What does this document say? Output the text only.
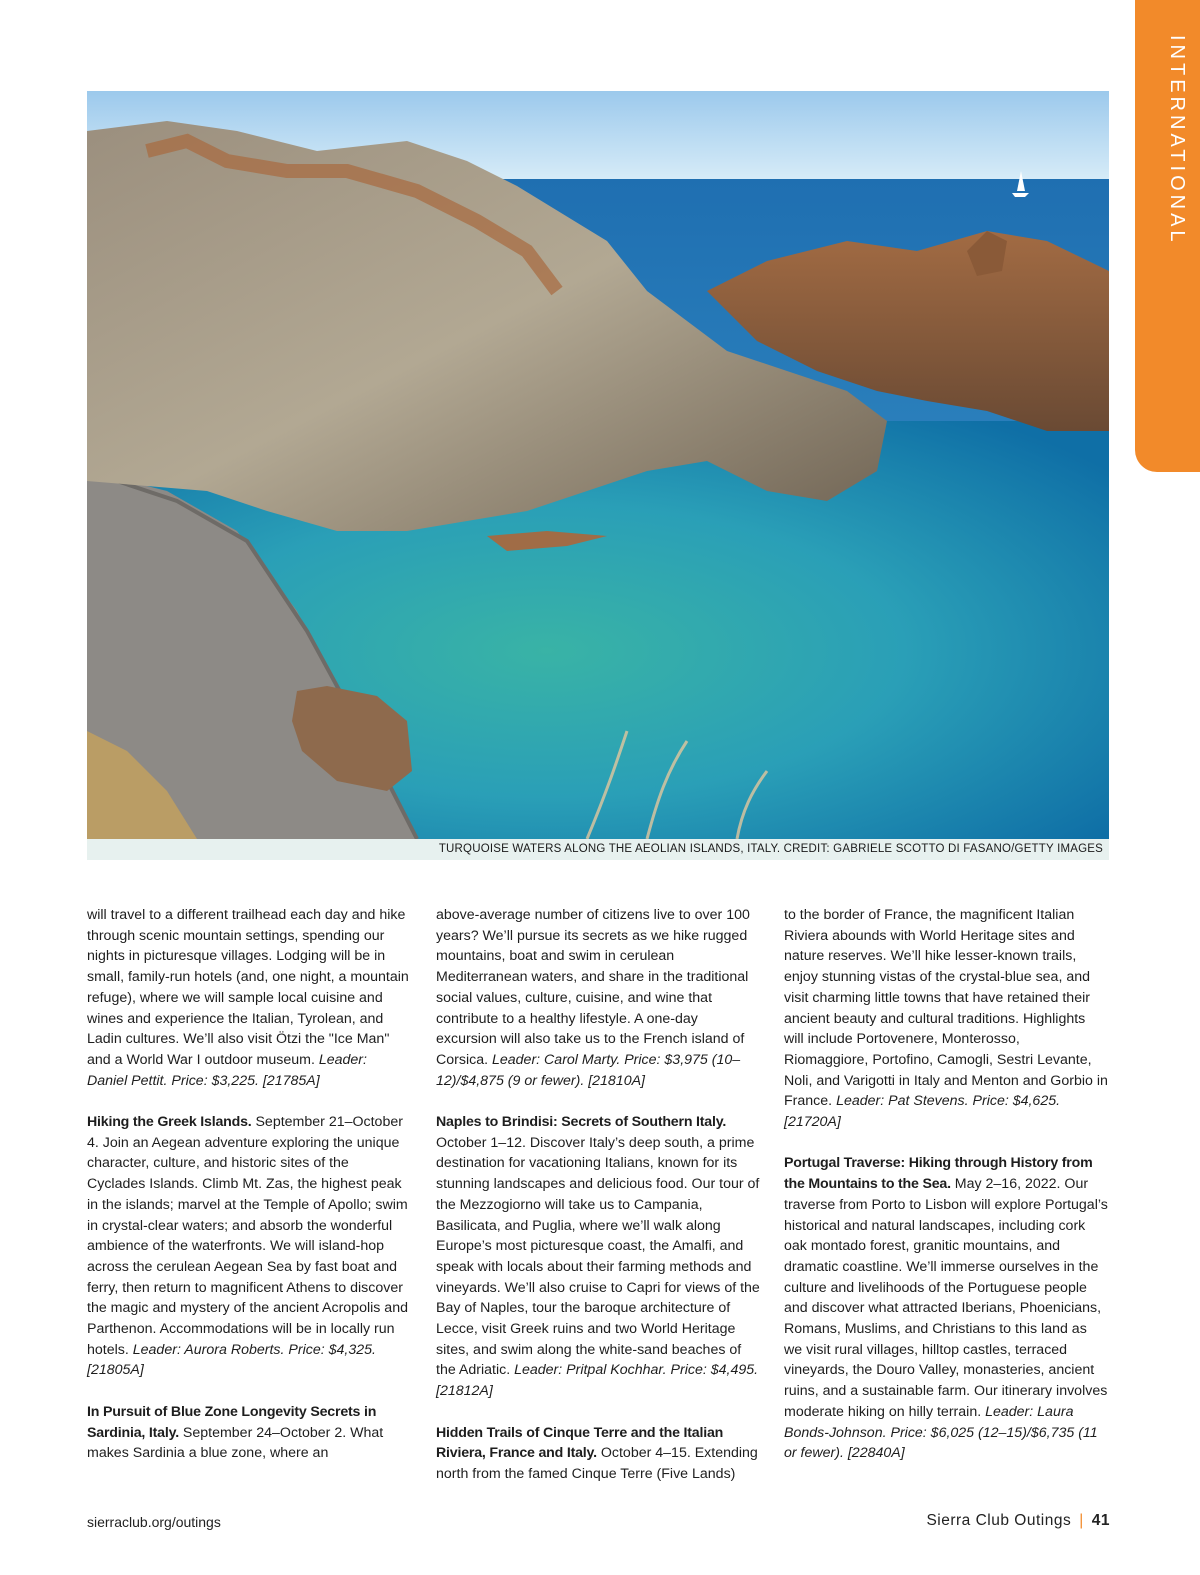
INTERNATIONAL
TURQUOISE WATERS ALONG THE AEOLIAN ISLANDS, ITALY. CREDIT: GABRIELE SCOTTO DI FASANO/GETTY IMAGES

will travel to a different trailhead each day and hike through scenic mountain settings, spending our nights in picturesque villages. Lodging will be in small, family-run hotels (and, one night, a mountain refuge), where we will sample local cuisine and wines and experience the Italian, Tyrolean, and Ladin cultures. We’ll also visit Ötzi the "Ice Man" and a World War I outdoor museum. Leader: Daniel Pettit. Price: $3,225. [21785A]

Hiking the Greek Islands. September 21–October 4. Join an Aegean adventure exploring the unique character, culture, and historic sites of the Cyclades Islands. Climb Mt. Zas, the highest peak in the islands; marvel at the Temple of Apollo; swim in crystal-clear waters; and absorb the wonderful ambience of the waterfronts. We will island-hop across the cerulean Aegean Sea by fast boat and ferry, then return to magnificent Athens to discover the magic and mystery of the ancient Acropolis and Parthenon. Accommodations will be in locally run hotels. Leader: Aurora Roberts. Price: $4,325. [21805A]

In Pursuit of Blue Zone Longevity Secrets in Sardinia, Italy. September 24–October 2. What makes Sardinia a blue zone, where an

above-average number of citizens live to over 100 years? We’ll pursue its secrets as we hike rugged mountains, boat and swim in cerulean Mediterranean waters, and share in the traditional social values, culture, cuisine, and wine that contribute to a healthy lifestyle. A one-day excursion will also take us to the French island of Corsica. Leader: Carol Marty. Price: $3,975 (10–12)/$4,875 (9 or fewer). [21810A]

Naples to Brindisi: Secrets of Southern Italy. October 1–12. Discover Italy’s deep south, a prime destination for vacationing Italians, known for its stunning landscapes and delicious food. Our tour of the Mezzogiorno will take us to Campania, Basilicata, and Puglia, where we’ll walk along Europe’s most picturesque coast, the Amalfi, and speak with locals about their farming methods and vineyards. We’ll also cruise to Capri for views of the Bay of Naples, tour the baroque architecture of Lecce, visit Greek ruins and two World Heritage sites, and swim along the white-sand beaches of the Adriatic. Leader: Pritpal Kochhar. Price: $4,495. [21812A]

Hidden Trails of Cinque Terre and the Italian Riviera, France and Italy. October 4–15. Extending north from the famed Cinque Terre (Five Lands)

to the border of France, the magnificent Italian Riviera abounds with World Heritage sites and nature reserves. We’ll hike lesser-known trails, enjoy stunning vistas of the crystal-blue sea, and visit charming little towns that have retained their ancient beauty and cultural traditions. Highlights will include Portovenere, Monterosso, Riomaggiore, Portofino, Camogli, Sestri Levante, Noli, and Varigotti in Italy and Menton and Gorbio in France. Leader: Pat Stevens. Price: $4,625. [21720A]

Portugal Traverse: Hiking through History from the Mountains to the Sea. May 2–16, 2022. Our traverse from Porto to Lisbon will explore Portugal’s historical and natural landscapes, including cork oak montado forest, granitic mountains, and dramatic coastline. We’ll immerse ourselves in the culture and livelihoods of the Portuguese people and discover what attracted Iberians, Phoenicians, Romans, Muslims, and Christians to this land as we visit rural villages, hilltop castles, terraced vineyards, the Douro Valley, monasteries, ancient ruins, and a sustainable farm. Our itinerary involves moderate hiking on hilly terrain. Leader: Laura Bonds-Johnson. Price: $6,025 (12–15)/$6,735 (11 or fewer). [22840A]

sierraclub.org/outings	Sierra Club Outings | 41
